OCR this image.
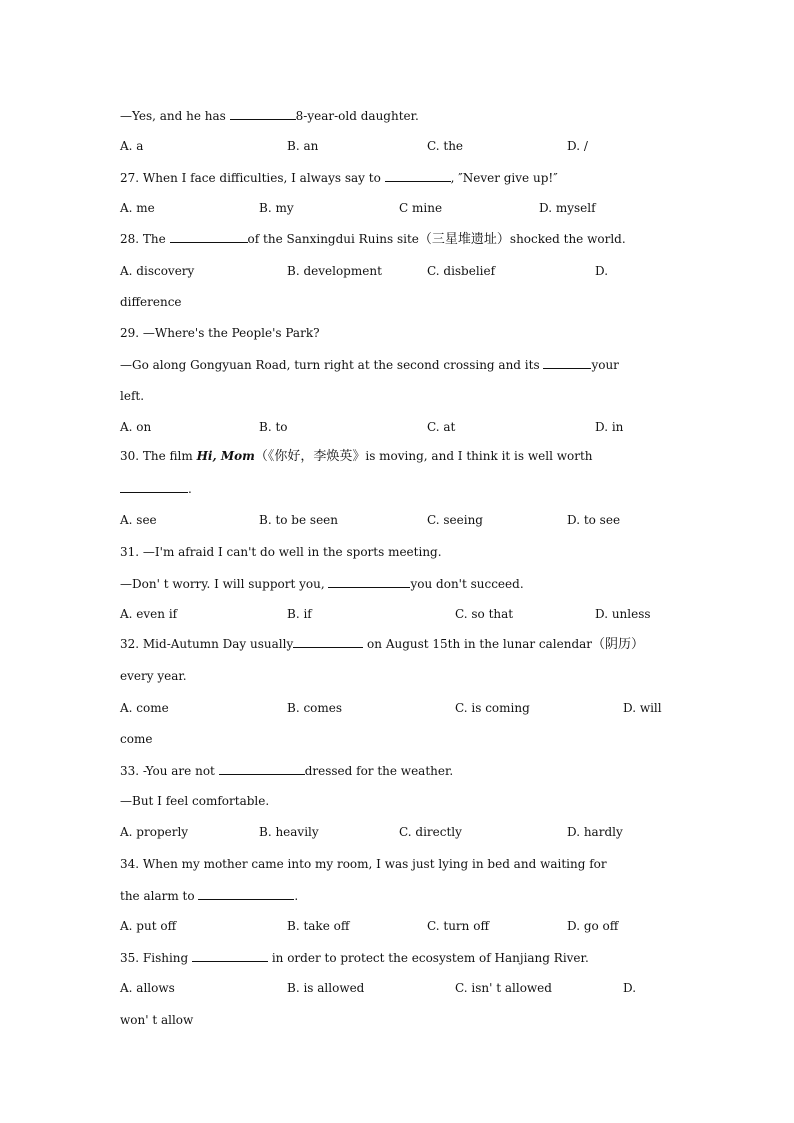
—Yes, and he has	8-year-old daughter.
A. a	B. an	C. the	D. /
27. When I face difficulties, I always say to	, ″Never give up!″
A. me	B. my	C mine	D. myself
28. The	of the Sanxingdui Ruins site（三星堆遗址）shocked the world.
A. discovery	B. development	C. disbelief	D.
difference
29. —Where's the People's Park?
—Go along Gongyuan Road, turn right at the second crossing and its	your
left.
A. on	B. to	C. at	D. in
30. The film Hi, Mom（《你好，李焕英》is moving, and I think it is well worth
.
A. see	B. to be seen	C. seeing	D. to see
31. —I'm afraid I can't do well in the sports meeting.
—Don' t worry. I will support you,	you don't succeed.
A. even if	B. if	C. so that	D. unless
32. Mid-Autumn Day usually	on August 15th in the lunar calendar（阴历）
every year.
A. come	B. comes	C. is coming	D. will
come
33. -You are not	dressed for the weather.
—But I feel comfortable.
A. properly	B. heavily	C. directly	D. hardly
34. When my mother came into my room, I was just lying in bed and waiting for
the alarm to	.
A. put off	B. take off	C. turn off	D. go off
35. Fishing	in order to protect the ecosystem of Hanjiang River.
A. allows	B. is allowed	C. isn' t allowed	D.
won' t allow
